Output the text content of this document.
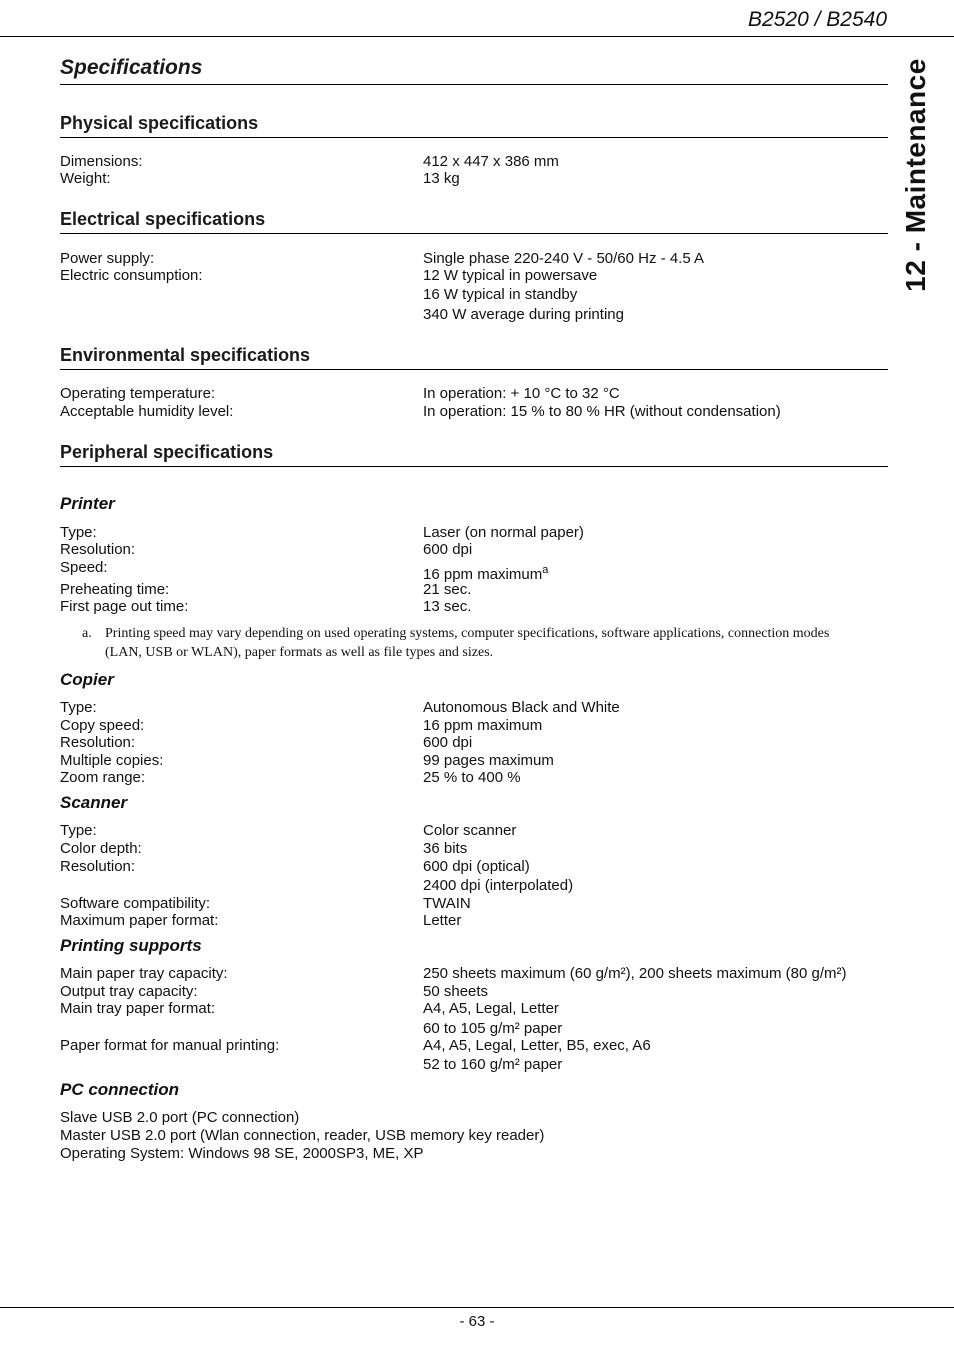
B2520 / B2540
12 - Maintenance
Specifications
Physical specifications
Dimensions:	412 x 447 x 386 mm
Weight:	13 kg
Electrical specifications
Power supply:	Single phase 220-240 V - 50/60 Hz - 4.5 A
Electric consumption:	12 W typical in powersave
16 W typical in standby
340 W average during printing
Environmental specifications
Operating temperature:	In operation: + 10 °C to 32 °C
Acceptable humidity level:	In operation: 15 % to 80 % HR (without condensation)
Peripheral specifications
Printer
Type:	Laser (on normal paper)
Resolution:	600 dpi
Speed:	16 ppm maximum$^a$
Preheating time:	21 sec.
First page out time:	13 sec.
a. Printing speed may vary depending on used operating systems, computer specifications, software applications, connection modes (LAN, USB or WLAN), paper formats as well as file types and sizes.
Copier
Type:	Autonomous Black and White
Copy speed:	16 ppm maximum
Resolution:	600 dpi
Multiple copies:	99 pages maximum
Zoom range:	25 % to 400 %
Scanner
Type:	Color scanner
Color depth:	36 bits
Resolution:	600 dpi (optical)
2400 dpi (interpolated)
Software compatibility:	TWAIN
Maximum paper format:	Letter
Printing supports
Main paper tray capacity:	250 sheets maximum (60 g/m²), 200 sheets maximum (80 g/m²)
Output tray capacity:	50 sheets
Main tray paper format:	A4, A5, Legal, Letter
60 to 105 g/m² paper
Paper format for manual printing:	A4, A5, Legal, Letter, B5, exec, A6
52 to 160 g/m² paper
PC connection
Slave USB 2.0 port (PC connection)
Master USB 2.0 port (Wlan connection, reader, USB memory key reader)
Operating System: Windows 98 SE, 2000SP3, ME, XP
- 63 -
